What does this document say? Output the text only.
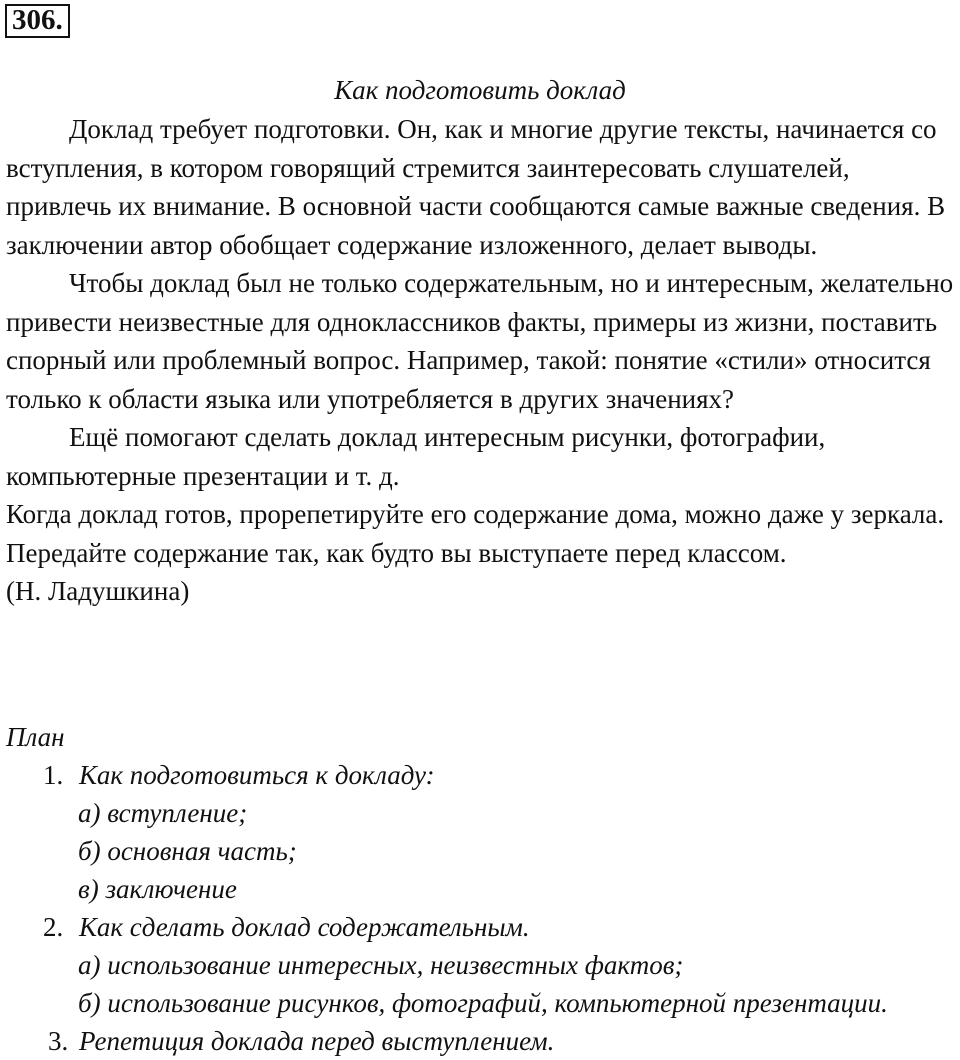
306.
Как подготовить доклад

Доклад требует подготовки. Он, как и многие другие тексты, начинается со вступления, в котором говорящий стремится заинтересовать слушателей, привлечь их внимание. В основной части сообщаются самые важные сведения. В заключении автор обобщает содержание изложенного, делает выводы.

Чтобы доклад был не только содержательным, но и интересным, желательно привести неизвестные для одноклассников факты, примеры из жизни, поставить спорный или проблемный вопрос. Например, такой: понятие «стили» относится только к области языка или употребляется в других значениях?

Ещё помогают сделать доклад интересным рисунки, фотографии, компьютерные презентации и т. д.

Когда доклад готов, прорепетируйте его содержание дома, можно даже у зеркала. Передайте содержание так, как будто вы выступаете перед классом.

(Н. Ладушкина)

План
1. Как подготовиться к докладу:
а) вступление;
б) основная часть;
в) заключение
2. Как сделать доклад содержательным.
а) использование интересных, неизвестных фактов;
б) использование рисунков, фотографий, компьютерной презентации.
3. Репетиция доклада перед выступлением.
